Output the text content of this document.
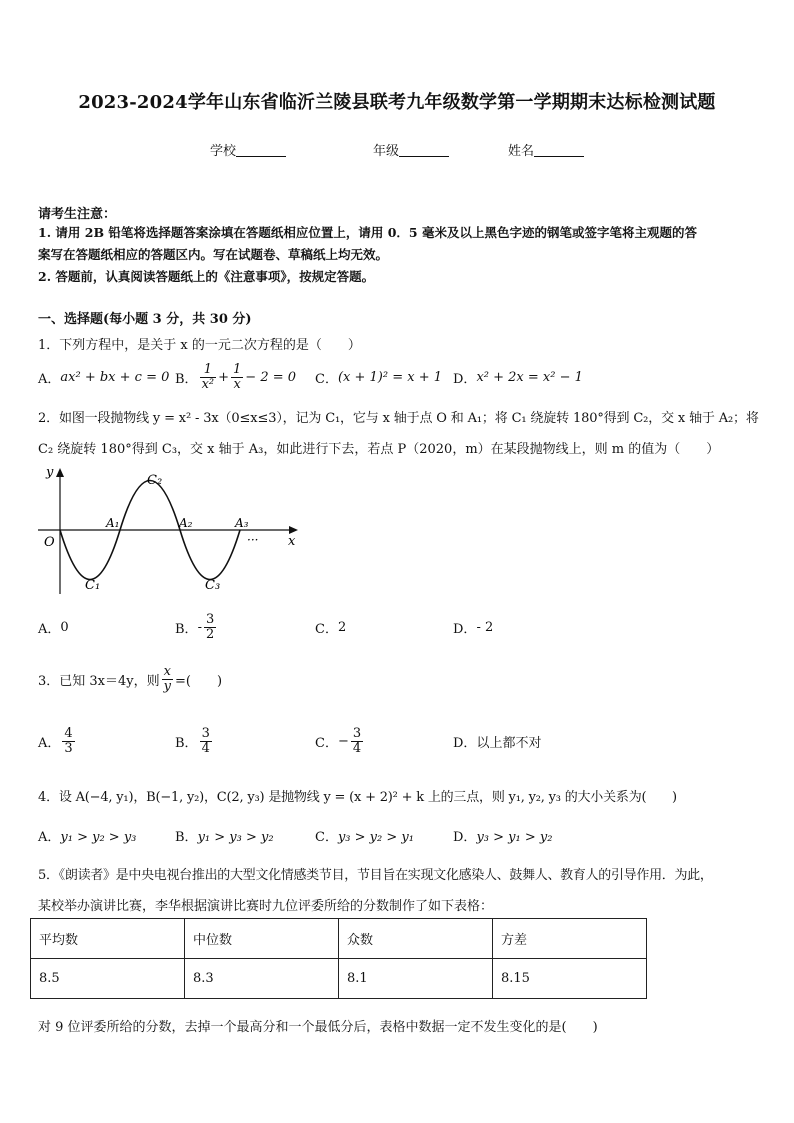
2023-2024学年山东省临沂兰陵县联考九年级数学第一学期期末达标检测试题
学校	年级	姓名
请考生注意：
1. 请用 2B 铅笔将选择题答案涂填在答题纸相应位置上，请用 0．5 毫米及以上黑色字迹的钢笔或签字笔将主观题的答
案写在答题纸相应的答题区内。写在试题卷、草稿纸上均无效。
2. 答题前，认真阅读答题纸上的《注意事项》，按规定答题。
一、选择题(每小题 3 分，共 30 分)
1．下列方程中，是关于 x 的一元二次方程的是（　　）
A． ax² + bx + c = 0 B． $\frac{1}{\text{x²}} + \frac{1}{x} - 2 = 0$ C． (x + 1)² = x + 1 D． x² + 2x = x² − 1
2．如图一段抛物线 y = x² - 3x（0≤x≤3），记为 C₁，它与 x 轴于点 O 和 A₁；将 C₁ 绕旋转 180°得到 C₂，交 x 轴于 A₂；将
C₂ 绕旋转 180°得到 C₃，交 x 轴于 A₃，如此进行下去，若点 P（2020，m）在某段抛物线上，则 m 的值为（　　）
y
x
O
A₁	A₂	A₃
C₁
C₂
C₃
···
A． 0	B． - $\frac{3}{2}$	C． 2	D． - 2
3．已知 3x＝4y，则 $\frac{x}{y}$ =(　　)
A． $\frac{4}{3}$	B． $\frac{3}{4}$	C． − $\frac{3}{4}$	D． 以上都不对
4．设 A(−4, y₁)，B(−1, y₂)，C(2, y₃) 是抛物线 y = (x + 2)² + k 上的三点，则 y₁, y₂, y₃ 的大小关系为(　　)
A．y₁ > y₂ > y₃	B．y₁ > y₃ > y₂	C．y₃ > y₂ > y₁	D．y₃ > y₁ > y₂
5．《朗读者》是中央电视台推出的大型文化情感类节目，节目旨在实现文化感染人、鼓舞人、教育人的引导作用．为此，
某校举办演讲比赛，李华根据演讲比赛时九位评委所给的分数制作了如下表格：
平均数	中位数	众数	方差
8.5	8.3	8.1	8.15
对 9 位评委所给的分数，去掉一个最高分和一个最低分后，表格中数据一定不发生变化的是(　　)
